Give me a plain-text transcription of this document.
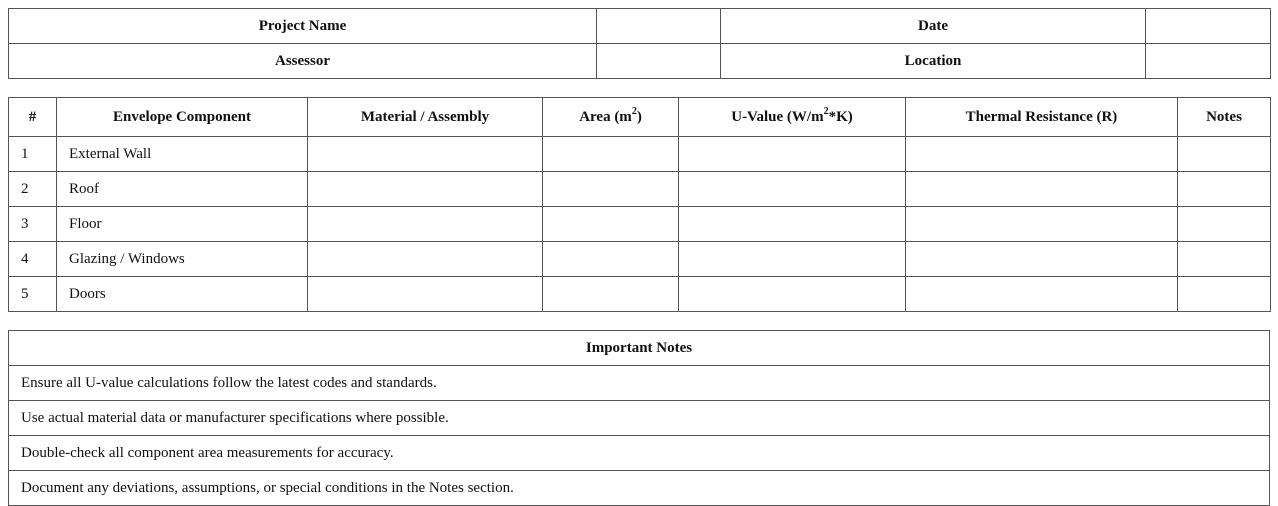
Project Name		Date	
Assessor		Location	
#	Envelope Component	Material / Assembly	Area $(m^2)$	U-Value $(W/m^2*K)$	Thermal Resistance (R)	Notes
1	External Wall					
2	Roof					
3	Floor					
4	Glazing / Windows					
5	Doors					
Important Notes
Ensure all U-value calculations follow the latest codes and standards.
Use actual material data or manufacturer specifications where possible.
Double-check all component area measurements for accuracy.
Document any deviations, assumptions, or special conditions in the Notes section.
